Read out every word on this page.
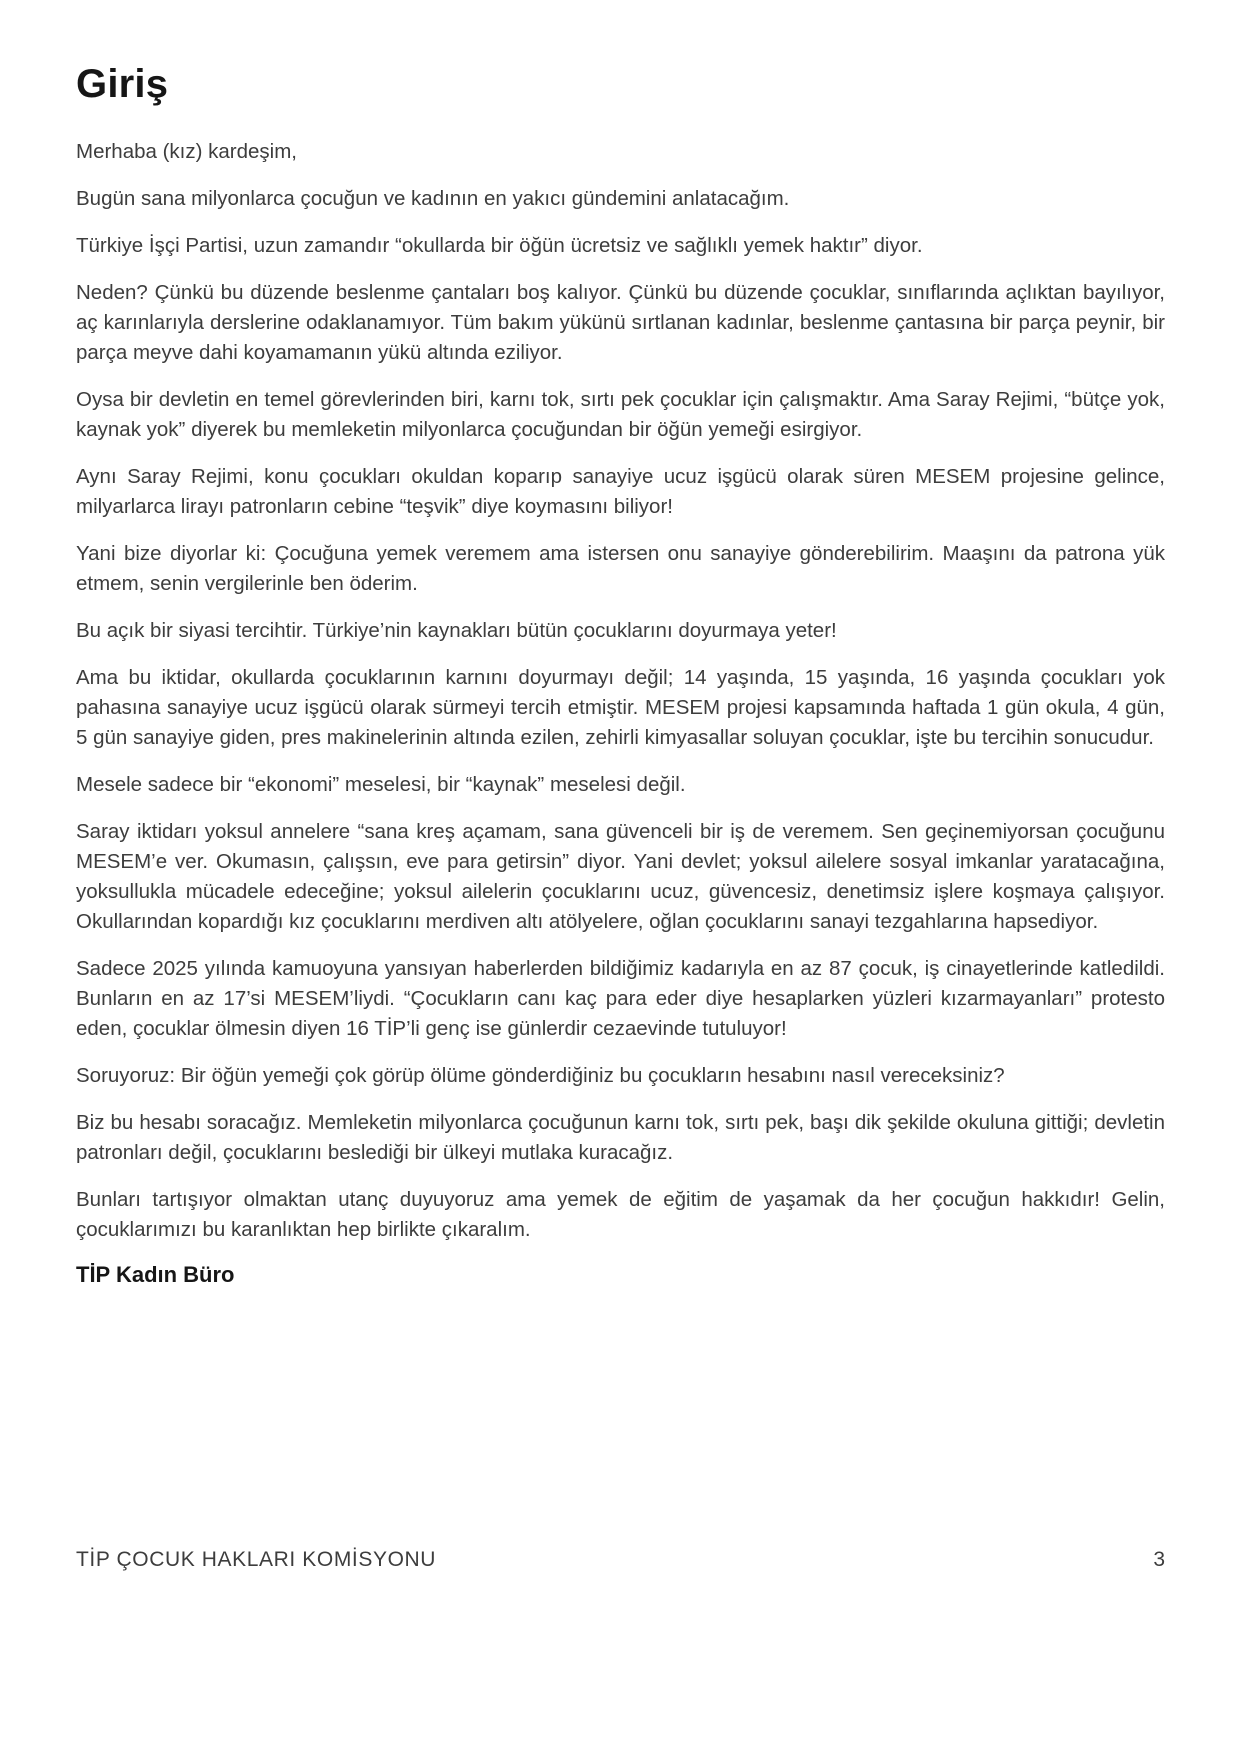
Giriş

Merhaba (kız) kardeşim,

Bugün sana milyonlarca çocuğun ve kadının en yakıcı gündemini anlatacağım.

Türkiye İşçi Partisi, uzun zamandır “okullarda bir öğün ücretsiz ve sağlıklı yemek haktır” diyor.

Neden? Çünkü bu düzende beslenme çantaları boş kalıyor. Çünkü bu düzende çocuklar, sınıflarında açlıktan bayılıyor, aç karınlarıyla derslerine odaklanamıyor. Tüm bakım yükünü sırtlanan kadınlar, beslenme çantasına bir parça peynir, bir parça meyve dahi koyamamanın yükü altında eziliyor.

Oysa bir devletin en temel görevlerinden biri, karnı tok, sırtı pek çocuklar için çalışmaktır. Ama Saray Rejimi, “bütçe yok, kaynak yok” diyerek bu memleketin milyonlarca çocuğundan bir öğün yemeği esirgiyor.

Aynı Saray Rejimi, konu çocukları okuldan koparıp sanayiye ucuz işgücü olarak süren MESEM projesine gelince, milyarlarca lirayı patronların cebine “teşvik” diye koymasını biliyor!

Yani bize diyorlar ki: Çocuğuna yemek veremem ama istersen onu sanayiye gönderebilirim. Maaşını da patrona yük etmem, senin vergilerinle ben öderim.

Bu açık bir siyasi tercihtir. Türkiye’nin kaynakları bütün çocuklarını doyurmaya yeter!

Ama bu iktidar, okullarda çocuklarının karnını doyurmayı değil; 14 yaşında, 15 yaşında, 16 yaşında çocukları yok pahasına sanayiye ucuz işgücü olarak sürmeyi tercih etmiştir. MESEM projesi kapsamında haftada 1 gün okula, 4 gün, 5 gün sanayiye giden, pres makinelerinin altında ezilen, zehirli kimyasallar soluyan çocuklar, işte bu tercihin sonucudur.

Mesele sadece bir “ekonomi” meselesi, bir “kaynak” meselesi değil.

Saray iktidarı yoksul annelere “sana kreş açamam, sana güvenceli bir iş de veremem. Sen geçinemiyorsan çocuğunu MESEM’e ver. Okumasın, çalışsın, eve para getirsin” diyor. Yani devlet; yoksul ailelere sosyal imkanlar yaratacağına, yoksullukla mücadele edeceğine; yoksul ailelerin çocuklarını ucuz, güvencesiz, denetimsiz işlere koşmaya çalışıyor. Okullarından kopardığı kız çocuklarını merdiven altı atölyelere, oğlan çocuklarını sanayi tezgahlarına hapsediyor.

Sadece 2025 yılında kamuoyuna yansıyan haberlerden bildiğimiz kadarıyla en az 87 çocuk, iş cinayetlerinde katledildi. Bunların en az 17’si MESEM’liydi. “Çocukların canı kaç para eder diye hesaplarken yüzleri kızarmayanları” protesto eden, çocuklar ölmesin diyen 16 TİP’li genç ise günlerdir cezaevinde tutuluyor!

Soruyoruz: Bir öğün yemeği çok görüp ölüme gönderdiğiniz bu çocukların hesabını nasıl vereceksiniz?

Biz bu hesabı soracağız. Memleketin milyonlarca çocuğunun karnı tok, sırtı pek, başı dik şekilde okuluna gittiği; devletin patronları değil, çocuklarını beslediği bir ülkeyi mutlaka kuracağız.

Bunları tartışıyor olmaktan utanç duyuyoruz ama yemek de eğitim de yaşamak da her çocuğun hakkıdır! Gelin, çocuklarımızı bu karanlıktan hep birlikte çıkaralım.

TİP Kadın Büro

TİP ÇOCUK HAKLARI KOMİSYONU	3
